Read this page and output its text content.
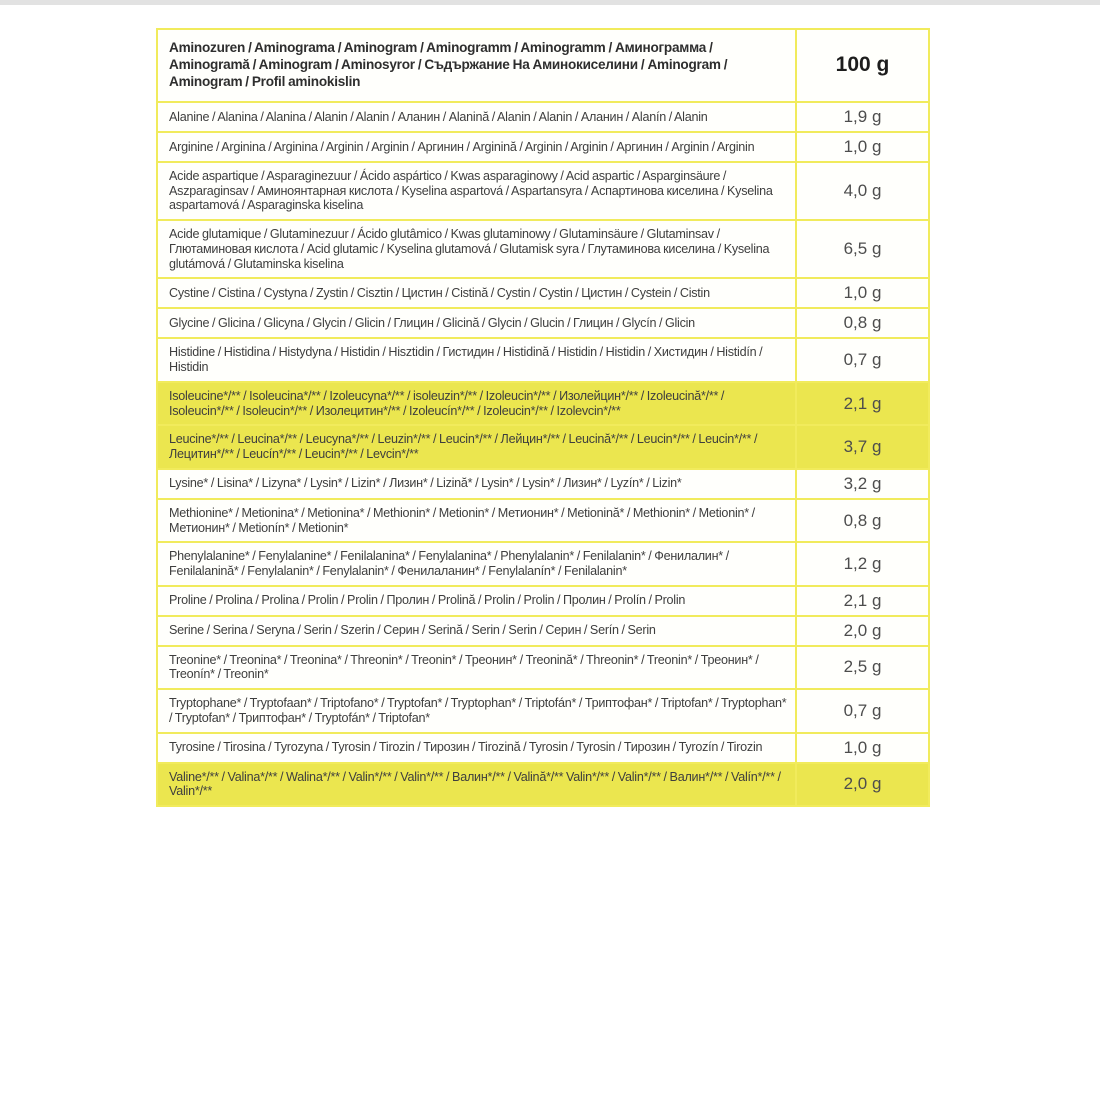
Aminozuren / Aminograma / Aminogram / Aminogramm / Aminogramm / Аминограмма / Aminogramă / Aminogram / Aminosyror / Съдържание На Аминокиселини / Aminogram / Aminogram / Profil aminokislin	100 g
Alanine / Alanina / Alanina / Alanin / Alanin / Аланин / Alanină / Alanin / Alanin / Аланин / Alanín / Alanin	1,9 g
Arginine / Arginina / Arginina / Arginin / Arginin / Аргинин / Arginină / Arginin / Arginin / Аргинин / Arginin / Arginin	1,0 g
Acide aspartique / Asparaginezuur / Ácido aspártico / Kwas asparaginowy / Acid aspartic / Asparginsäure / Aszparaginsav / Аминоянтарная кислота / Kyselina aspartová / Aspartansyra / Аспартинова киселина / Kyselina aspartamová / Asparaginska kiselina	4,0 g
Acide glutamique / Glutaminezuur / Ácido glutâmico / Kwas glutaminowy / Glutaminsäure / Glutaminsav / Глютаминовая кислота / Acid glutamic / Kyselina glutamová / Glutamisk syra / Глутаминова киселина / Kyselina glutámová / Glutaminska kiselina	6,5 g
Cystine / Cistina / Cystyna / Zystin / Cisztin / Цистин / Cistină / Cystin / Cystin / Цистин / Cystein / Cistin	1,0 g
Glycine / Glicina / Glicyna / Glycin / Glicin / Глицин / Glicină / Glycin / Glucin / Глицин / Glycín / Glicin	0,8 g
Histidine / Histidina / Histydyna / Histidin / Hisztidin / Гистидин / Histidină / Histidin / Histidin / Хистидин / Histidín / Histidin	0,7 g
Isoleucine*/** / Isoleucina*/** / Izoleucyna*/** / isoleuzin*/** / Izoleucin*/** / Изолейцин*/** / Izoleucină*/** / Isoleucin*/** / Isoleucin*/** / Изолецитин*/** / Izoleucín*/** / Izoleucin*/** / Izolevcin*/**	2,1 g
Leucine*/** / Leucina*/** / Leucyna*/** / Leuzin*/** / Leucin*/** / Лейцин*/** / Leucină*/** / Leucin*/** / Leucin*/** / Лецитин*/** / Leucín*/** / Leucin*/** / Levcin*/**	3,7 g
Lysine* / Lisina* / Lizyna* / Lysin* / Lizin* / Лизин* / Lizină* / Lysin* / Lysin* / Лизин* / Lyzín* / Lizin*	3,2 g
Methionine* / Metionina* / Metionina* / Methionin* / Metionin* / Метионин* / Metionină* / Methionin* / Metionin* / Метионин* / Metionín* / Metionin*	0,8 g
Phenylalanine* / Fenylalanine* / Fenilalanina* / Fenylalanina* / Phenylalanin* / Fenilalanin* / Фенилалин* / Fenilalanină* / Fenylalanin* / Fenylalanin* / Фенилаланин* / Fenylalanín* / Fenilalanin*	1,2 g
Proline / Prolina / Prolina / Prolin / Prolin / Пролин / Prolină / Prolin / Prolin / Пролин / Prolín / Prolin	2,1 g
Serine / Serina / Seryna / Serin / Szerin / Серин / Serină / Serin / Serin / Серин / Serín / Serin	2,0 g
Treonine* / Treonina* / Treonina* / Threonin* / Treonin* / Треонин* / Treonină* / Threonin* / Treonin* / Треонин* / Treonín* / Treonin*	2,5 g
Tryptophane* / Tryptofaan* / Triptofano* / Tryptofan* / Tryptophan* / Triptofán* / Триптофан* / Triptofan* / Tryptophan* / Tryptofan* / Триптофан* / Tryptofán* / Triptofan*	0,7 g
Tyrosine / Tirosina / Tyrozyna / Tyrosin / Tirozin / Тирозин / Tirozină / Tyrosin / Tyrosin / Тирозин / Tyrozín / Tirozin	1,0 g
Valine*/** / Valina*/** / Walina*/** / Valin*/** / Valin*/** / Валин*/** / Valină*/** Valin*/** / Valin*/** / Валин*/** / Valín*/** / Valin*/**	2,0 g
